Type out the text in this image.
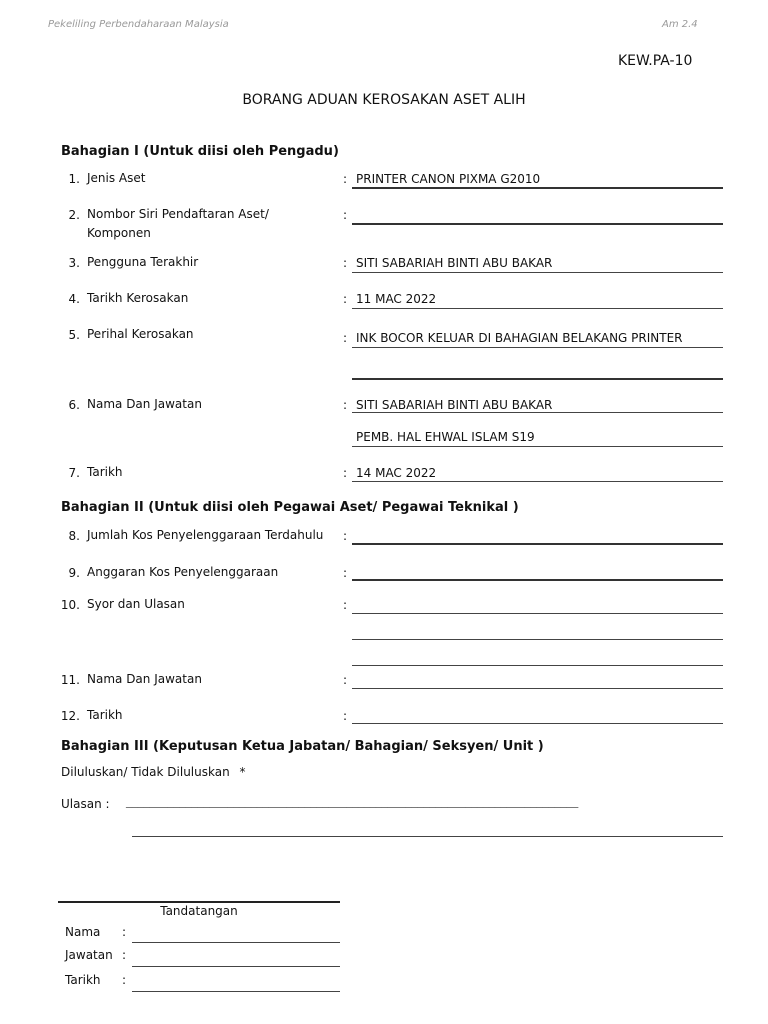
Pekeliling Perbendaharaan Malaysia	Am 2.4
KEW.PA-10
BORANG ADUAN KEROSAKAN ASET ALIH
Bahagian I (Untuk diisi oleh Pengadu)
1. Jenis Aset	: PRINTER CANON PIXMA G2010
2. Nombor Siri Pendaftaran Aset/
Komponen
:
3. Pengguna Terakhir	: SITI SABARIAH BINTI ABU BAKAR
4. Tarikh Kerosakan	: 11 MAC 2022
5. Perihal Kerosakan	: INK BOCOR KELUAR DI BAHAGIAN BELAKANG PRINTER
6. Nama Dan Jawatan	: SITI SABARIAH BINTI ABU BAKAR
PEMB. HAL EHWAL ISLAM S19
7. Tarikh	: 14 MAC 2022
Bahagian II (Untuk diisi oleh Pegawai Aset/ Pegawai Teknikal )
8. Jumlah Kos Penyelenggaraan Terdahulu :
9. Anggaran Kos Penyelenggaraan	:
10. Syor dan Ulasan	:
11. Nama Dan Jawatan	:
12. Tarikh	:
Bahagian III (Keputusan Ketua Jabatan/ Bahagian/ Seksyen/ Unit )
Diluluskan/ Tidak Diluluskan *
Ulasan : ____________________________________________________________________________
Tandatangan
Nama :
Jawatan :
Tarikh :
